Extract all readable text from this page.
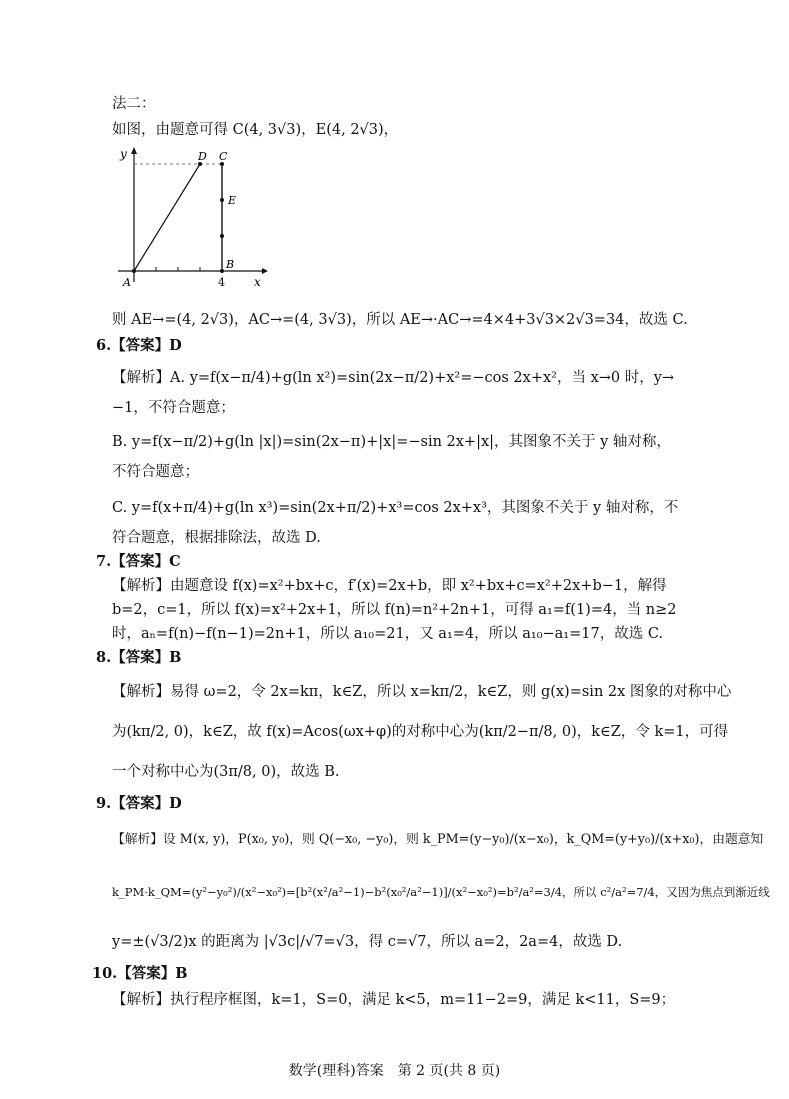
法二：
如图，由题意可得 C(4, 3√3)，E(4, 2√3)，
y
x
A
D C
E
B
4
则 AE→=(4, 2√3)，AC→=(4, 3√3)，所以 AE→·AC→=4×4+3√3×2√3=34，故选 C.
6.【答案】D
【解析】A. y=f(x−π/4)+g(ln x²)=sin(2x−π/2)+x²=−cos 2x+x²，当 x→0 时，y→
−1，不符合题意；
B. y=f(x−π/2)+g(ln |x|)=sin(2x−π)+|x|=−sin 2x+|x|，其图象不关于 y 轴对称，
不符合题意；
C. y=f(x+π/4)+g(ln x³)=sin(2x+π/2)+x³=cos 2x+x³，其图象不关于 y 轴对称，不
符合题意，根据排除法，故选 D.
7.【答案】C
【解析】由题意设 f(x)=x²+bx+c，f′(x)=2x+b，即 x²+bx+c=x²+2x+b−1，解得
b=2，c=1，所以 f(x)=x²+2x+1，所以 f(n)=n²+2n+1，可得 a₁=f(1)=4，当 n≥2
时，aₙ=f(n)−f(n−1)=2n+1，所以 a₁₀=21，又 a₁=4，所以 a₁₀−a₁=17，故选 C.
8.【答案】B
【解析】易得 ω=2，令 2x=kπ，k∈Z，所以 x=kπ/2，k∈Z，则 g(x)=sin 2x 图象的对称中心
为(kπ/2, 0)，k∈Z，故 f(x)=Acos(ωx+φ)的对称中心为(kπ/2−π/8, 0)，k∈Z，令 k=1，可得
一个对称中心为(3π/8, 0)，故选 B.
9.【答案】D
【解析】设 M(x, y)，P(x₀, y₀)，则 Q(−x₀, −y₀)，则 k_PM=(y−y₀)/(x−x₀)，k_QM=(y+y₀)/(x+x₀)，由题意知
k_PM·k_QM=(y²−y₀²)/(x²−x₀²)=[b²(x²/a²−1)−b²(x₀²/a²−1)]/(x²−x₀²)=b²/a²=3/4，所以 c²/a²=7/4，又因为焦点到渐近线
y=±(√3/2)x 的距离为 |√3c|/√7=√3，得 c=√7，所以 a=2，2a=4，故选 D.
10.【答案】B
【解析】执行程序框图，k=1，S=0，满足 k<5，m=11−2=9，满足 k<11，S=9；
数学(理科)答案　第 2 页(共 8 页)
